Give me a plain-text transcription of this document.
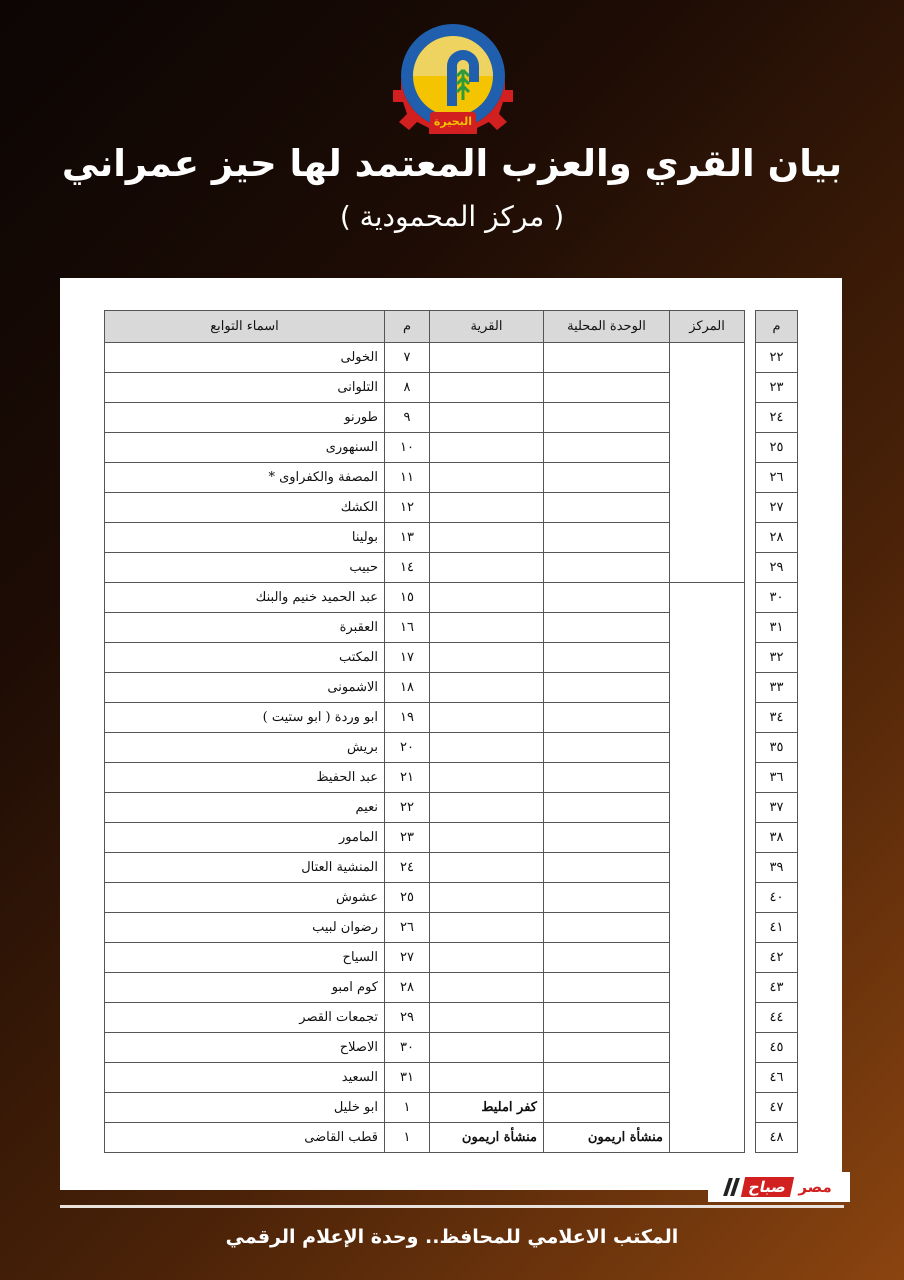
البحيرة
بيان القري والعزب المعتمد لها حيز عمراني
( مركز المحمودية )
م		المركز	الوحدة المحلية	القرية	م	اسماء التوابع
٢٢					٧	الخولى
٢٣					٨	التلوانى
٢٤					٩	طورنو
٢٥					١٠	السنهورى
٢٦					١١	المصفة والكفراوى *
٢٧					١٢	الكشك
٢٨					١٣	بولينا
٢٩					١٤	حبيب
٣٠					١٥	عبد الحميد خنيم والبنك
٣١					١٦	العقبرة
٣٢					١٧	المكتب
٣٣					١٨	الاشمونى
٣٤					١٩	ابو وردة ( ابو ستيت )
٣٥					٢٠	بريش
٣٦					٢١	عبد الحفيظ
٣٧					٢٢	نعيم
٣٨					٢٣	المامور
٣٩					٢٤	المنشية العتال
٤٠					٢٥	عشوش
٤١					٢٦	رضوان لبيب
٤٢					٢٧	السياح
٤٣					٢٨	كوم امبو
٤٤					٢٩	تجمعات القصر
٤٥					٣٠	الاصلاح
٤٦					٣١	السعيد
٤٧				كفر امليط	١	ابو خليل
٤٨			منشأة اريمون	منشأة اريمون	١	قطب القاضى
صباح مصر
المكتب الاعلامي للمحافظ.. وحدة الإعلام الرقمي
